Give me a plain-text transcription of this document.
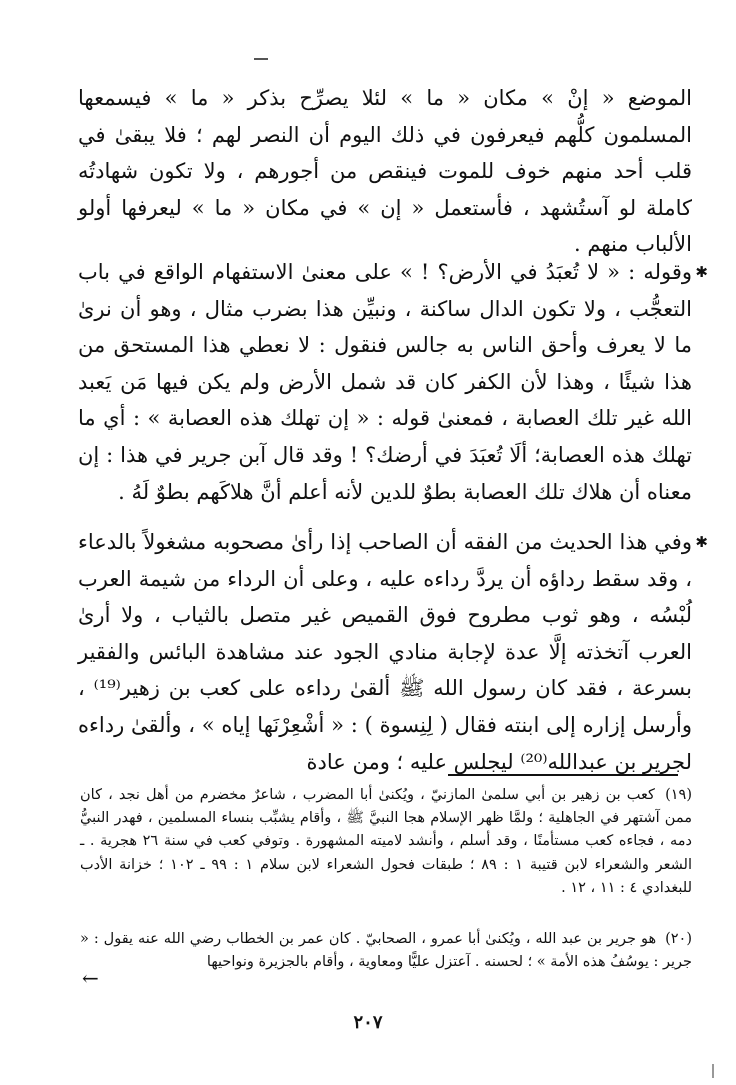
الموضع « إنْ » مكان « ما » لئلا يصرِّح بذكر « ما » فيسمعها المسلمون كلُّهم فيعرفون في ذلك اليوم أن النصر لهم ؛ فلا يبقىٰ في قلب أحد منهم خوف للموت فينقص من أجورهم ، ولا تكون شهادتُه كاملة لو آستُشهد ، فأستعمل « إن » في مكان « ما » ليعرفها أولو الألباب منهم .

✱

وقوله : « لا تُعبَدُ في الأرض؟ ! » على معنىٰ الاستفهام الواقع في باب التعجُّب ، ولا تكون الدال ساكنة ، ونبيِّن هذا بضرب مثال ، وهو أن نرىٰ ما لا يعرف وأحق الناس به جالس فنقول : لا نعطي هذا المستحق من هذا شيئًا ، وهذا لأن الكفر كان قد شمل الأرض ولم يكن فيها مَن يَعبد الله غير تلك العصابة ، فمعنىٰ قوله : « إن تهلك هذه العصابة » : أي ما تهلك هذه العصابة؛ ألَا تُعبَدَ في أرضك؟ ! وقد قال آبن جرير في هذا : إن معناه أن هلاك تلك العصابة بطوٌ للدين لأنه أعلم أنَّ هلاكَهم بطوٌ لَهُ .

✱

وفي هذا الحديث من الفقه أن الصاحب إذا رأىٰ مصحوبه مشغولاً بالدعاء ، وقد سقط رداؤه أن يردَّ رداءه عليه ، وعلى أن الرداء من شيمة العرب لُبْسُه ، وهو ثوب مطروح فوق القميص غير متصل بالثياب ، ولا أرىٰ العرب آتخذته إلَّا عدة لإجابة منادي الجود عند مشاهدة البائس والفقير بسرعة ، فقد كان رسول الله ﷺ ألقىٰ رداءه على كعب بن زهير⁽¹⁹⁾ ، وأرسل إزاره إلى ابنته فقال ( لِنِسوة ) : « أشْعِرْنَها إياه » ، وألقىٰ رداءه لجرير بن عبدالله⁽²⁰⁾ ليجلس عليه ؛ ومن عادة

(١٩) كعب بن زهير بن أبي سلمىٰ المازنيّ ، ويُكنىٰ أبا المضرب ، شاعرٌ مخضرم من أهل نجد ، كان ممن آشتهر في الجاهلية ؛ ولمَّا ظهر الإسلام هجا النبيَّ ﷺ ، وأقام يشبِّب بنساء المسلمين ، فهدر النبيُّ دمه ، فجاءه كعب مستأمنًا ، وقد أسلم ، وأنشد لاميته المشهورة . وتوفي كعب في سنة ٢٦ هجرية . ـ الشعر والشعراء لابن قتيبة ١ : ٨٩ ؛ طبقات فحول الشعراء لابن سلام ١ : ٩٩ ـ ١٠٢ ؛ خزانة الأدب للبغدادي ٤ : ١١ ، ١٢ .
(٢٠) هو جرير بن عبد الله ، ويُكنىٰ أبا عمرو ، الصحابيّ . كان عمر بن الخطاب رضي الله عنه يقول : « جرير : يوسُفُ هذه الأمة » ؛ لحسنه . آعتزل عليًّا ومعاوية ، وأقام بالجزيرة ونواحيها
←
٢٠٧
